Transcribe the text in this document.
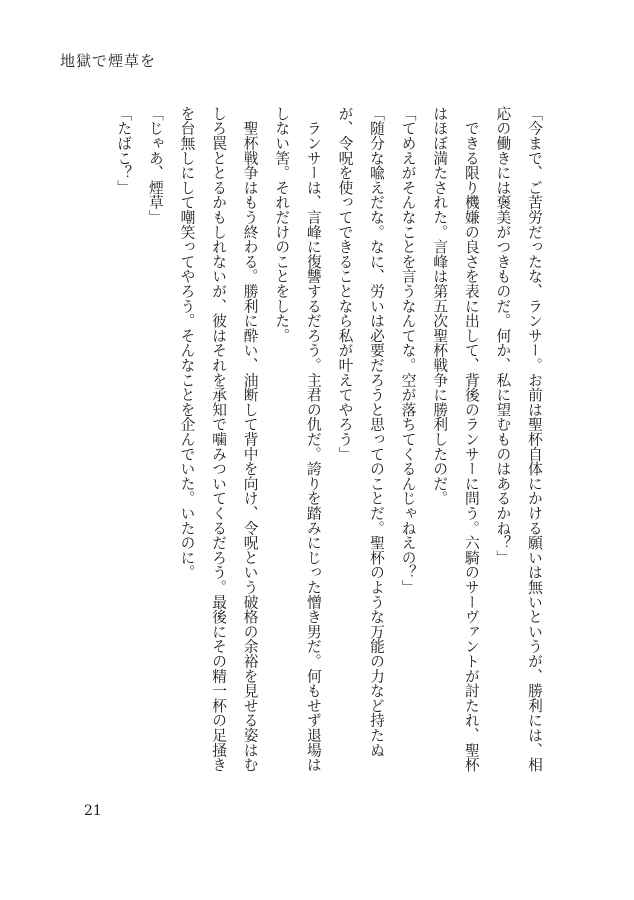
地獄で煙草を

「今まで、ご苦労だったな、ランサー。お前は聖杯自体にかける願いは無いというが、勝利には、相応の働きには褒美がつきものだ。何か、私に望むものはあるかね？」

　できる限り機嫌の良さを表に出して、背後のランサーに問う。六騎のサーヴァントが討たれ、聖杯はほぼ満たされた。言峰は第五次聖杯戦争に勝利したのだ。

「てめえがそんなことを言うなんてな。空が落ちてくるんじゃねえの？」

「随分な喩えだな。なに、労いは必要だろうと思ってのことだ。聖杯のような万能の力など持たぬが、令呪を使ってできることなら私が叶えてやろう」

　ランサーは、言峰に復讐するだろう。主君の仇だ。誇りを踏みにじった憎き男だ。何もせず退場はしない筈。それだけのことをした。

　聖杯戦争はもう終わる。勝利に酔い、油断して背中を向け、令呪という破格の余裕を見せる姿はむしろ罠ととるかもしれないが、彼はそれを承知で噛みついてくるだろう。最後にその精一杯の足掻きを台無しにして嘲笑ってやろう。そんなことを企んでいた。いたのに。

「じゃあ、煙草」

「たばこ？」

21
